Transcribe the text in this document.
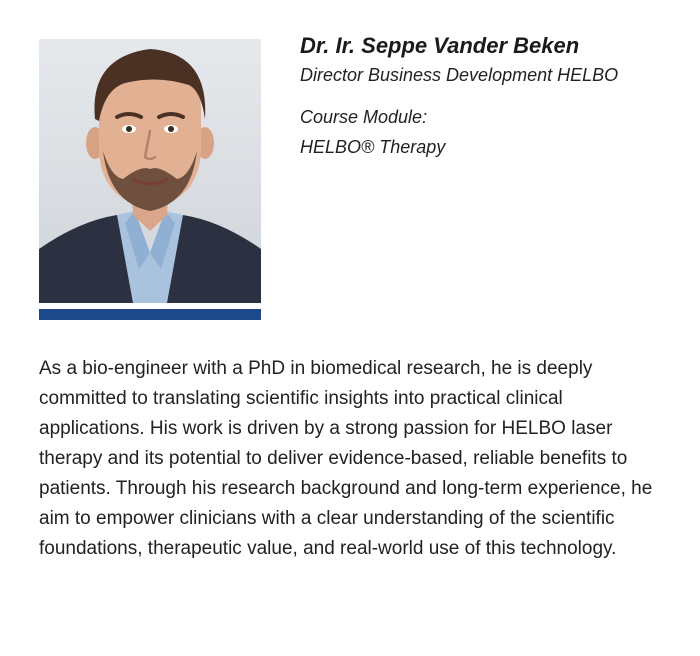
Dr. Ir. Seppe Vander Beken

Director Business Development HELBO

Course Module:

HELBO® Therapy

As a bio-engineer with a PhD in biomedical research, he is deeply committed to translating scientific insights into practical clinical applications. His work is driven by a strong passion for HELBO laser therapy and its potential to deliver evidence-based, reliable benefits to patients. Through his research background and long-term experience, he aim to empower clinicians with a clear understanding of the scientific foundations, therapeutic value, and real-world use of this technology.
